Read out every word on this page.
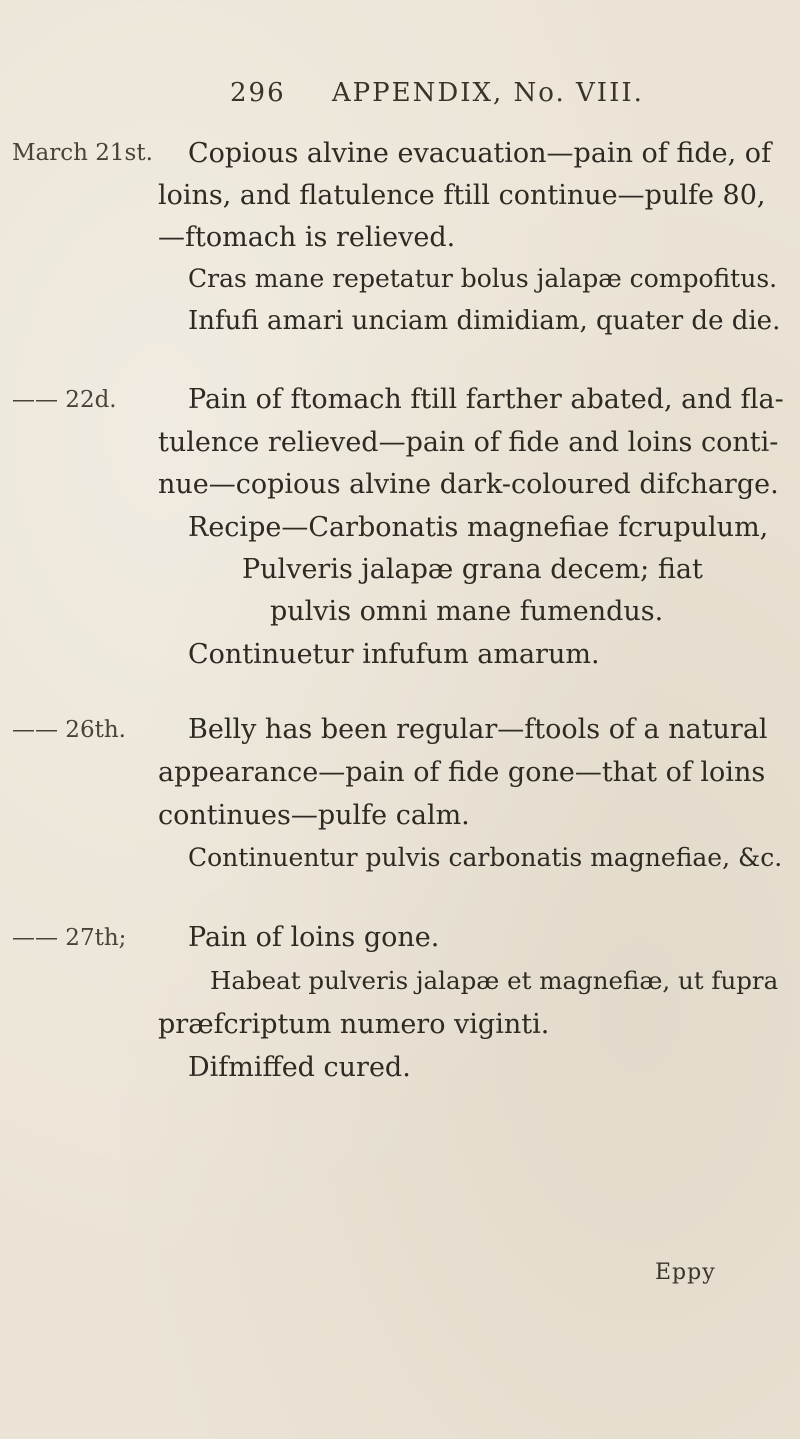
296 APPENDIX, No. VIII.
March 21st. Copious alvine evacuation—pain of fide, of
loins, and flatulence ftill continue—pulfe 80,
—ftomach is relieved.
Cras mane repetatur bolus jalapæ compofitus.
Infufi amari unciam dimidiam, quater de die.
—— 22d.	Pain of ftomach ftill farther abated, and fla-
tulence relieved—pain of fide and loins conti-
nue—copious alvine dark-coloured difcharge.
Recipe—Carbonatis magnefiae fcrupulum,
Pulveris jalapæ grana decem; fiat
pulvis omni mane fumendus.
Continuetur infufum amarum.
—— 26th. Belly has been regular—ftools of a natural
appearance—pain of fide gone—that of loins
continues—pulfe calm.
Continuentur pulvis carbonatis magnefiae, &c.
—— 27th; Pain of loins gone.
Habeat pulveris jalapæ et magnefiæ, ut fupra
præfcriptum numero viginti.
Difmiffed cured.
Eppy
